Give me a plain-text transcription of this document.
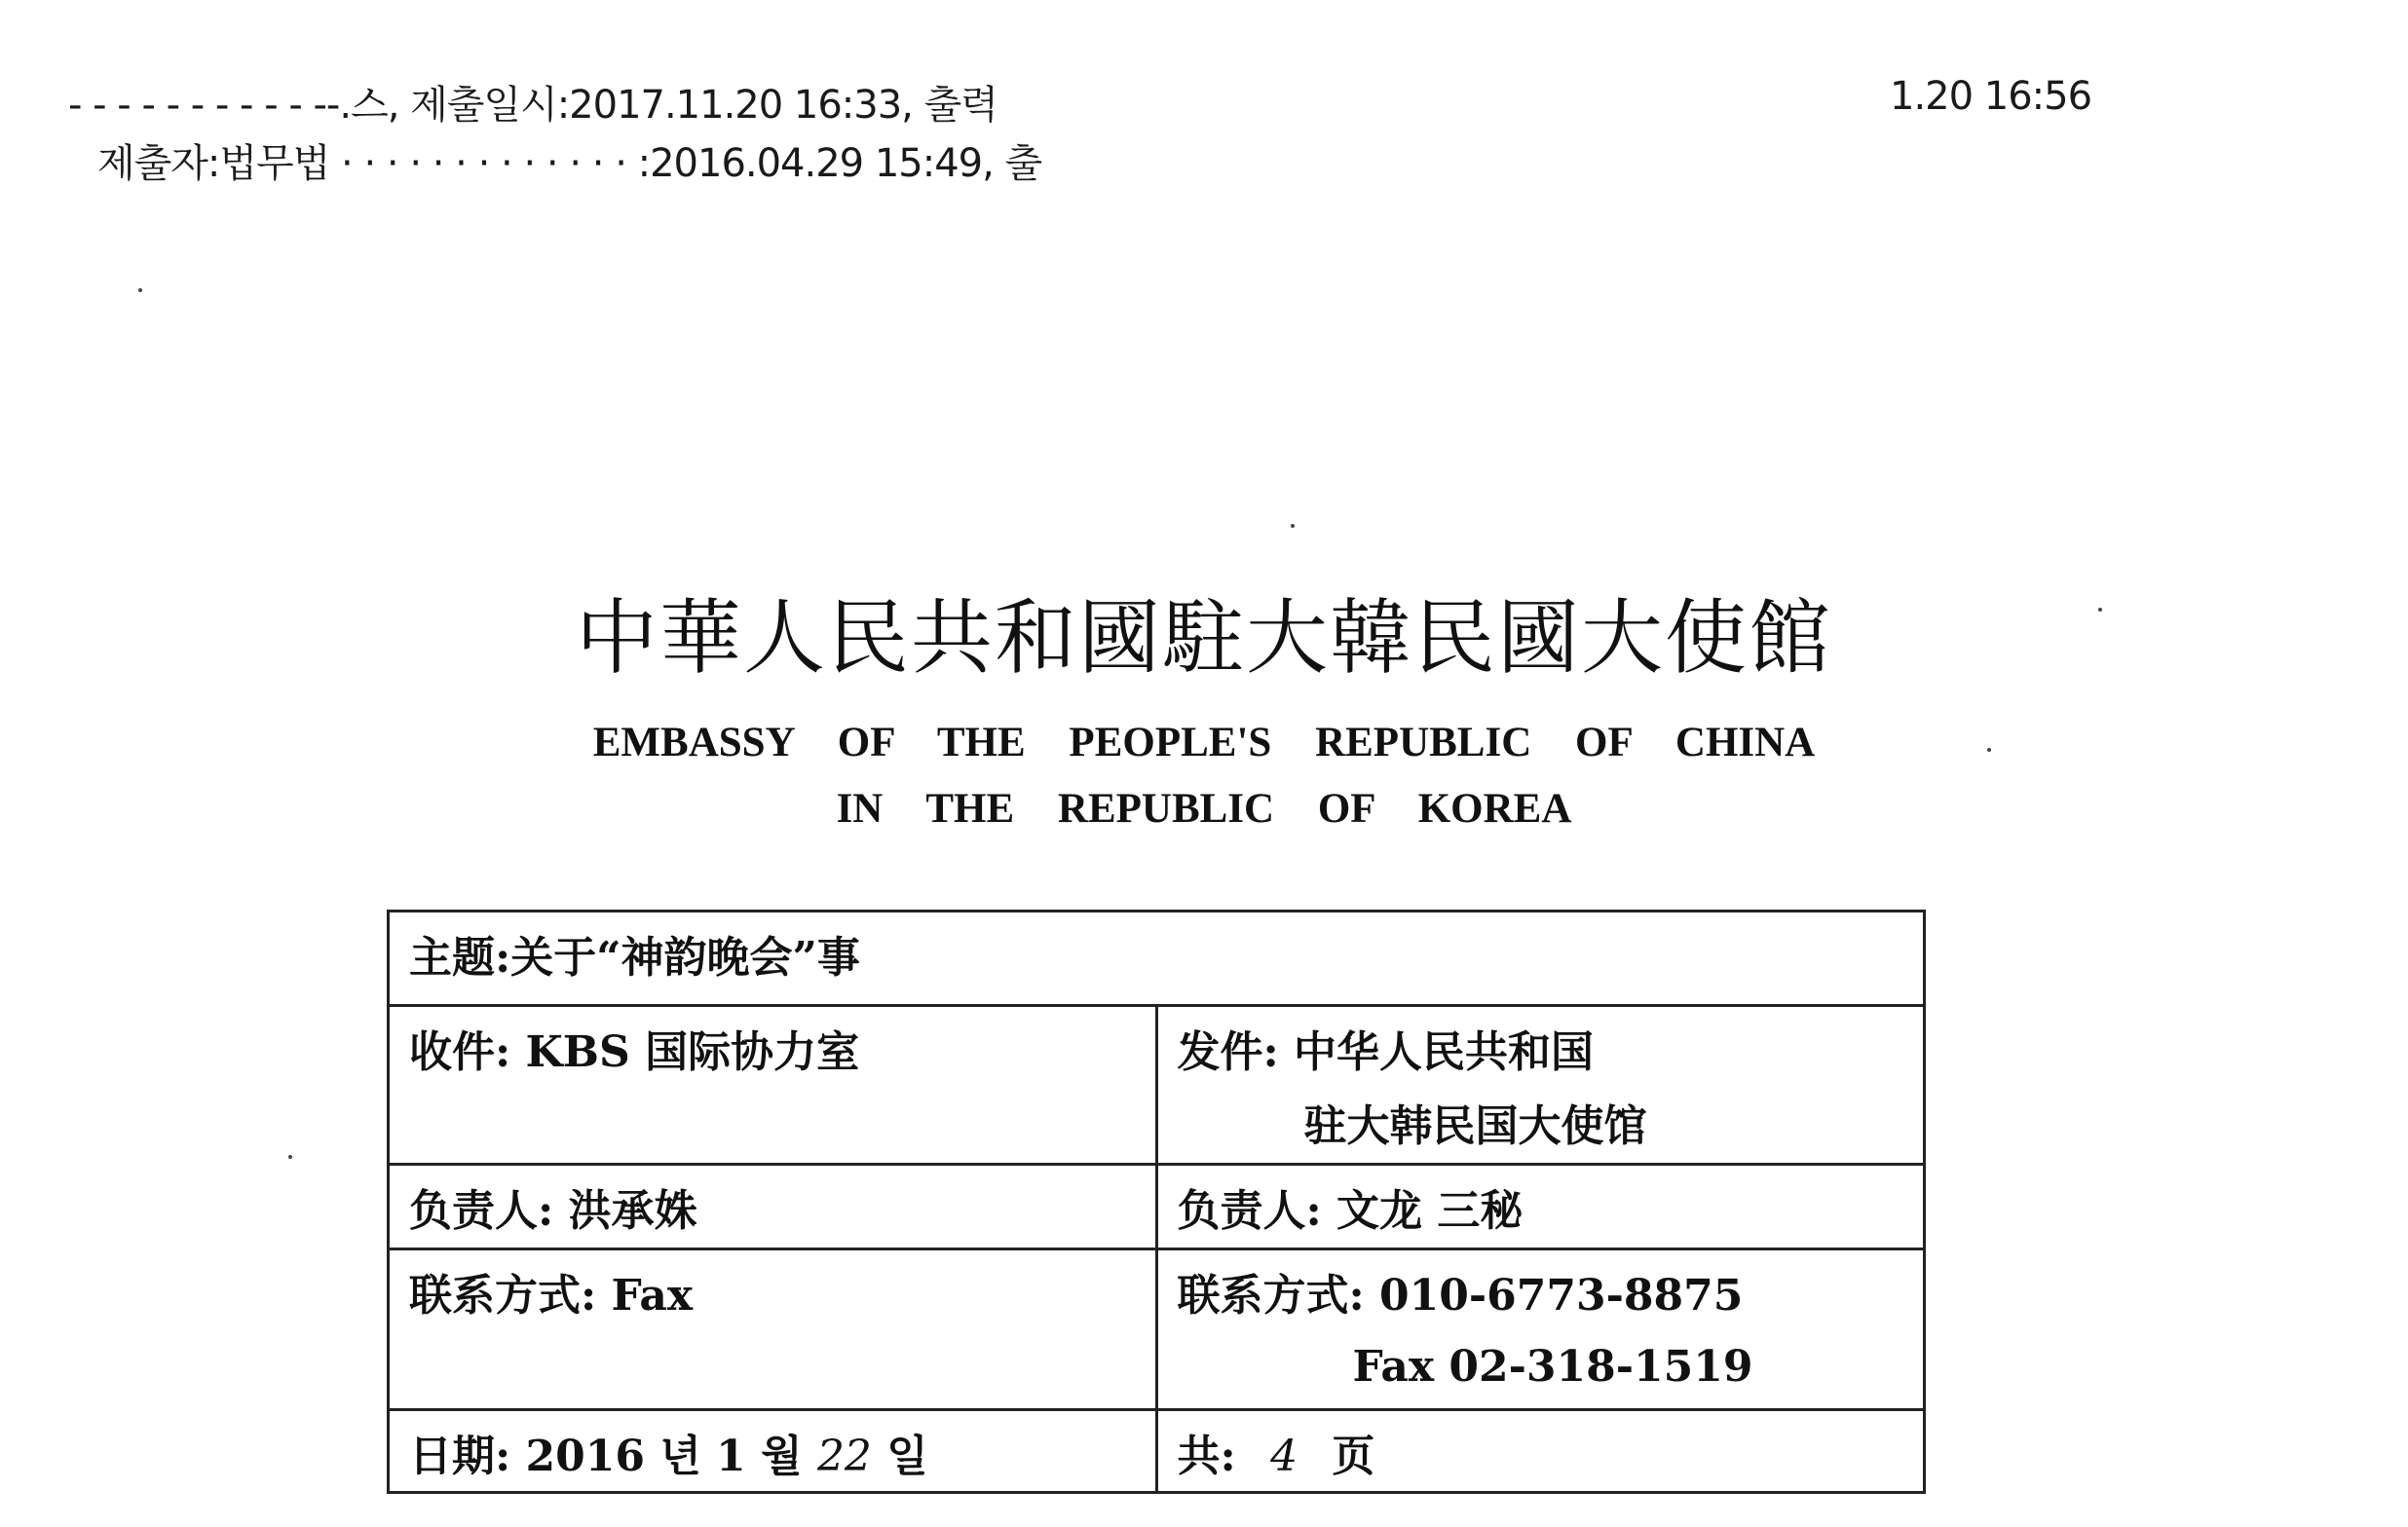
- - - - - - - - - - --.스, 제출일시:2017.11.20 16:33, 출력	1.20 16:56
제출자:법무법 · · · · · · · · · · · · · :2016.04.29 15:49, 출
中華人民共和國駐大韓民國大使館
EMBASSY OF THE PEOPLE'S REPUBLIC OF CHINA
IN THE REPUBLIC OF KOREA
主题:关于“神韵晚会”事	
收件: KBS 国际协力室	发件: 中华人民共和国
驻大韩民国大使馆

负责人: 洪承姝	负责人: 文龙 三秘
联系方式: Fax	联系方式: 010-6773-8875
Fax 02-318-1519

日期: 2016 년 1 월 22 일	共: 4 页
